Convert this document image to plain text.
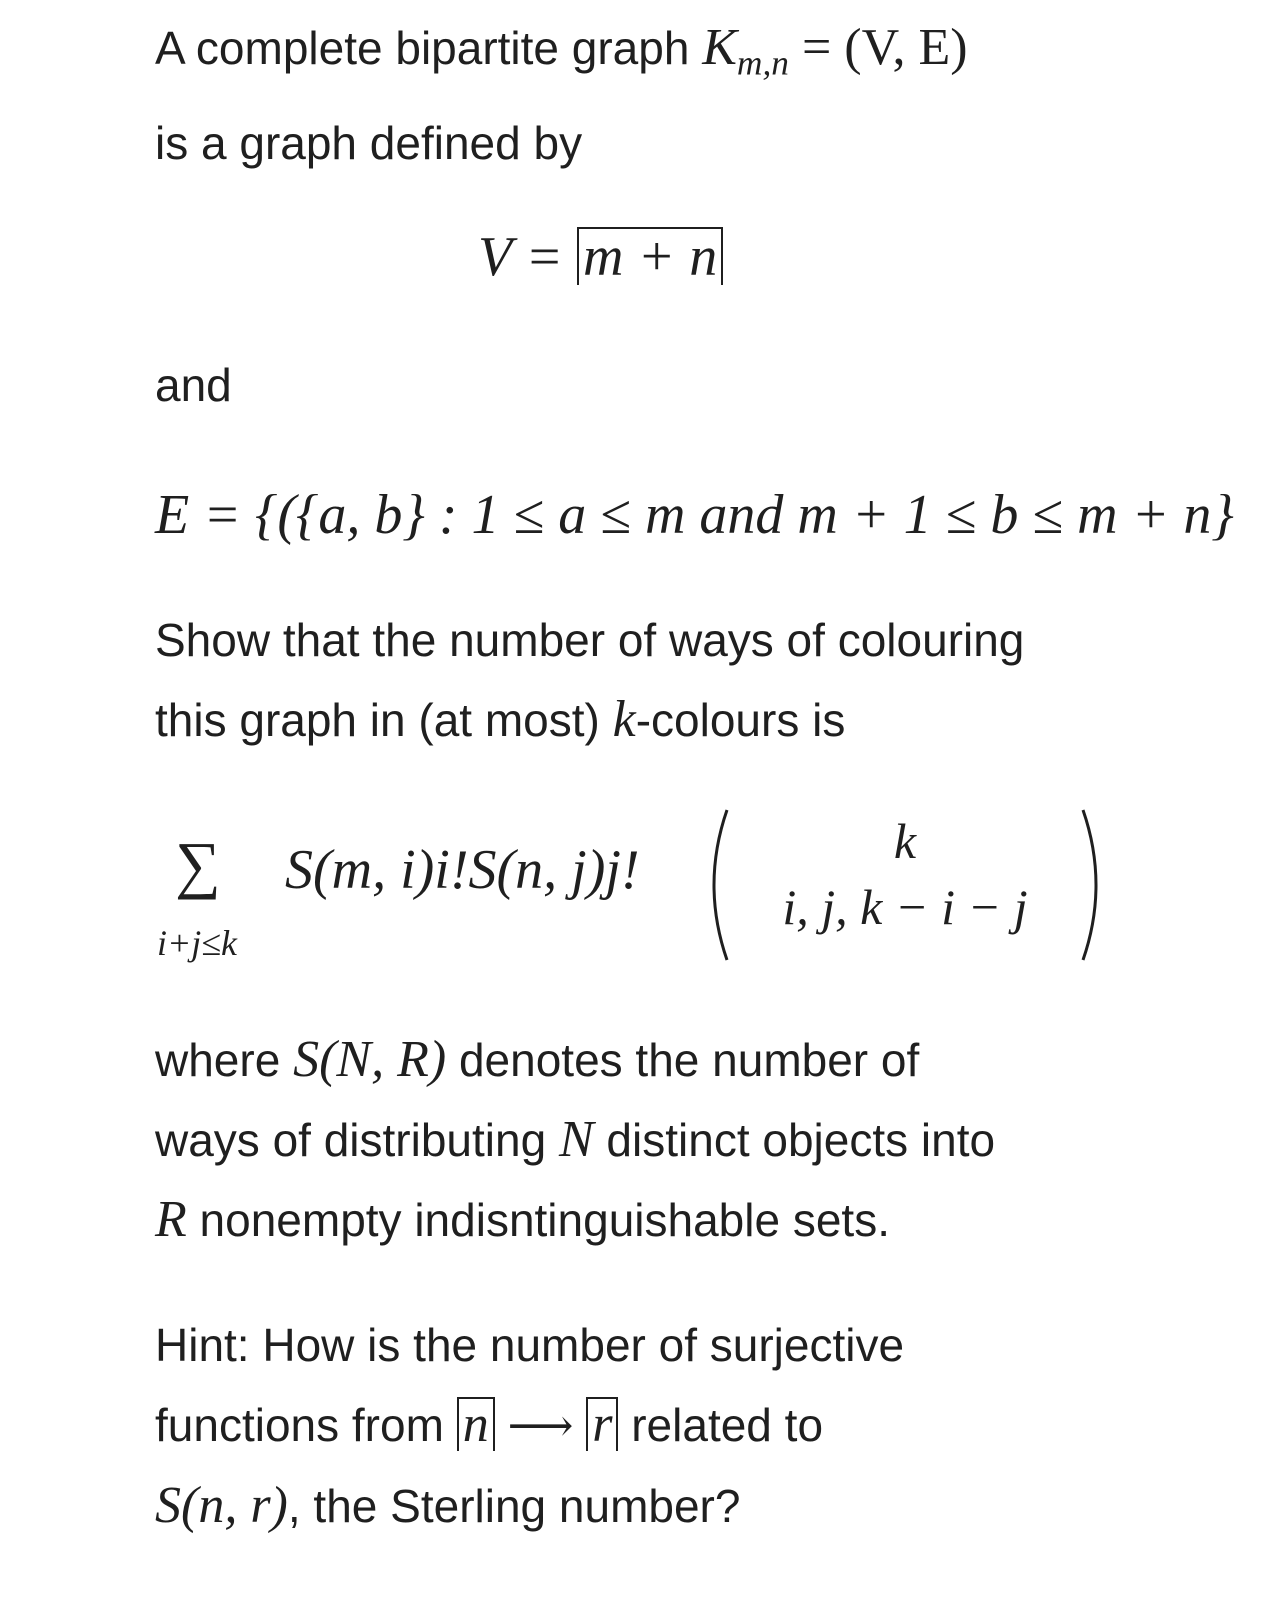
A complete bipartite graph $K_{m,n} = (V$, E)
is a graph defined by
V = m + n
and
E = {({a, b} : 1 ≤ a ≤ m and m + 1 ≤ b ≤ m + n}
Show that the number of ways of colouring
this graph in (at most) k-colours is
∑
i+j≤k
S(m, i)i!S(n, j)j!	k
i, j, k − i − j
where S(N, R) denotes the number of
ways of distributing N distinct objects into
R nonempty indisntinguishable sets.
Hint: How is the number of surjective
functions from n ⟶ r related to
S(n, r), the Sterling number?
